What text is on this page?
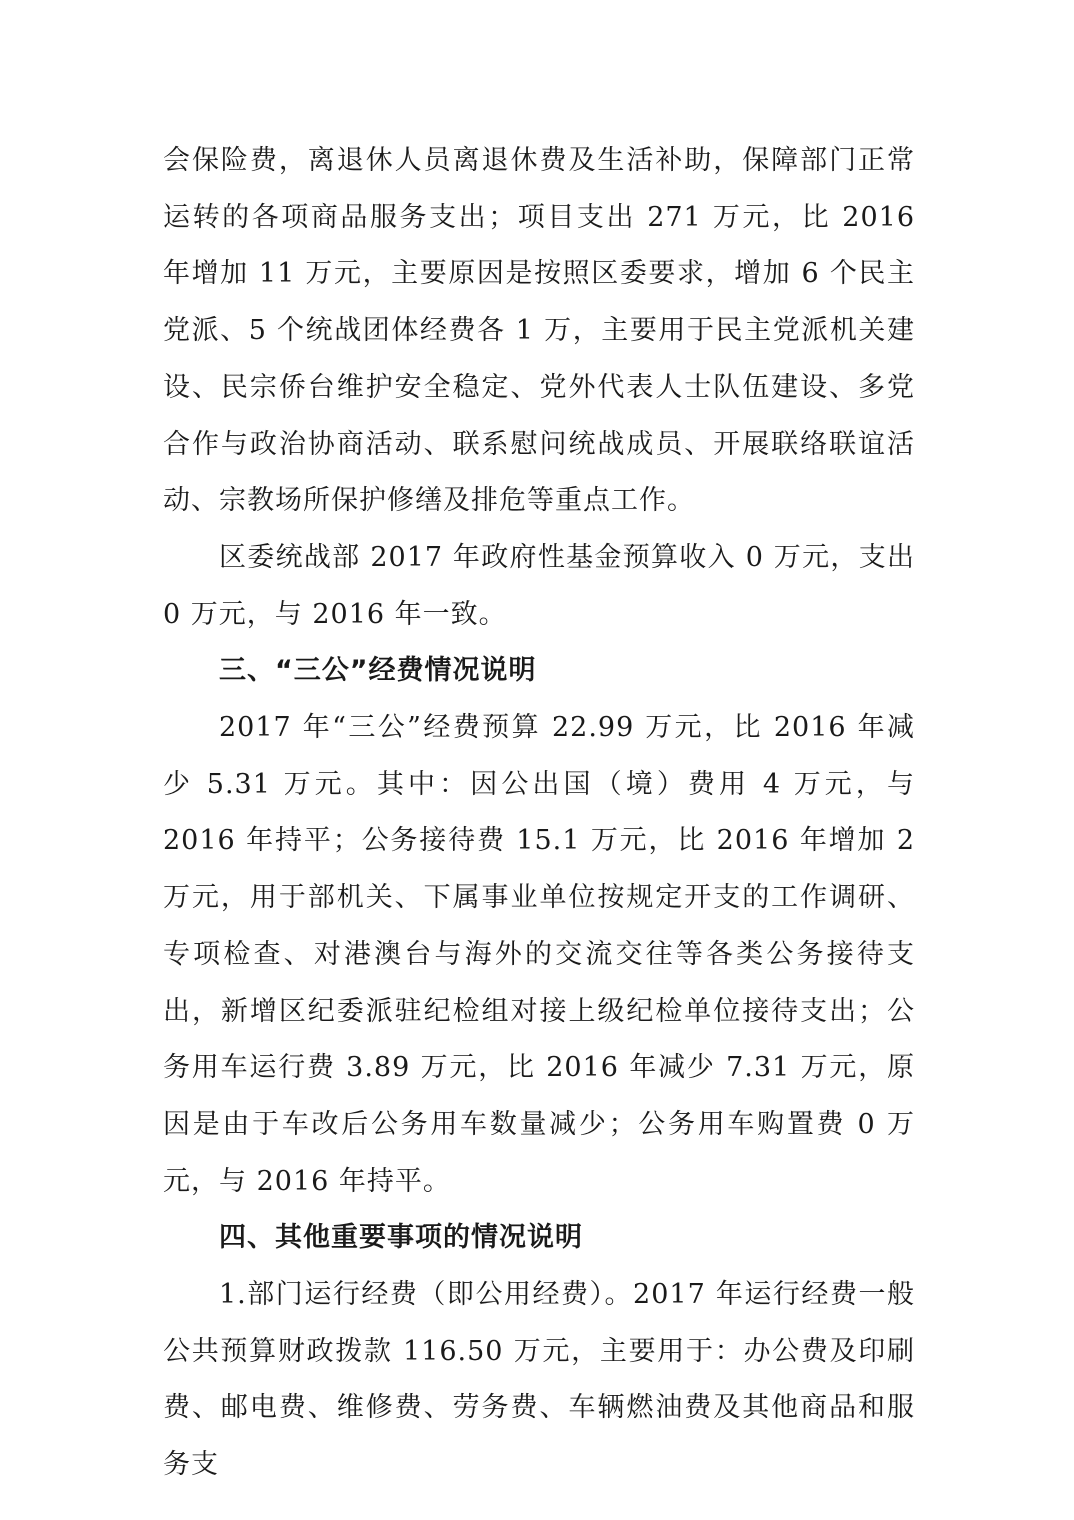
会保险费，离退休人员离退休费及生活补助，保障部门正常运转的各项商品服务支出；项目支出 271 万元，比 2016 年增加 11 万元，主要原因是按照区委要求，增加 6 个民主党派、5 个统战团体经费各 1 万，主要用于民主党派机关建设、民宗侨台维护安全稳定、党外代表人士队伍建设、多党合作与政治协商活动、联系慰问统战成员、开展联络联谊活动、宗教场所保护修缮及排危等重点工作。

区委统战部 2017 年政府性基金预算收入 0 万元，支出 0 万元，与 2016 年一致。

三、“三公”经费情况说明

2017 年“三公”经费预算 22.99 万元，比 2016 年减少 5.31 万元。其中：因公出国（境）费用 4 万元，与 2016 年持平；公务接待费 15.1 万元，比 2016 年增加 2 万元，用于部机关、下属事业单位按规定开支的工作调研、专项检查、对港澳台与海外的交流交往等各类公务接待支出，新增区纪委派驻纪检组对接上级纪检单位接待支出；公务用车运行费 3.89 万元，比 2016 年减少 7.31 万元，原因是由于车改后公务用车数量减少；公务用车购置费 0 万元，与 2016 年持平。

四、其他重要事项的情况说明

1.部门运行经费（即公用经费）。2017 年运行经费一般公共预算财政拨款 116.50 万元，主要用于：办公费及印刷费、邮电费、维修费、劳务费、车辆燃油费及其他商品和服务支
